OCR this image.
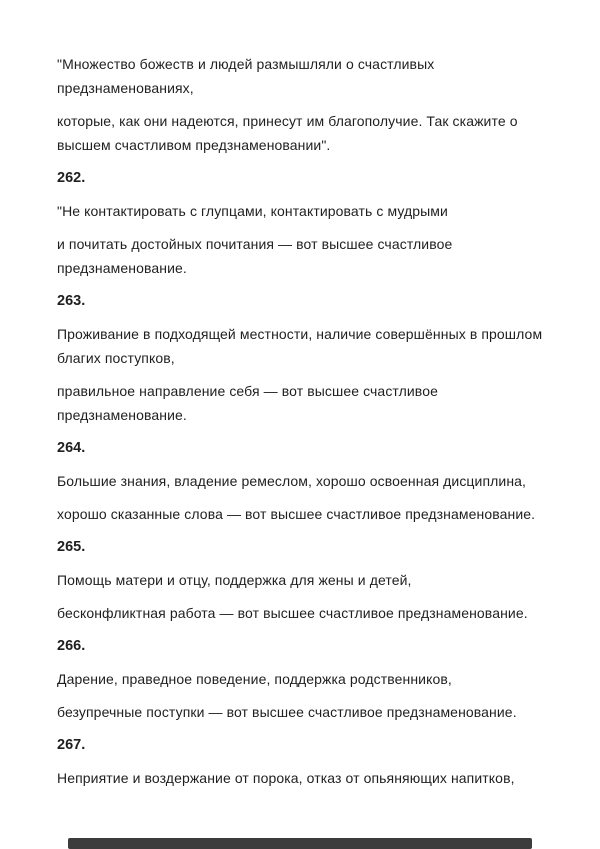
"Множество божеств и людей размышляли о счастливых предзнаменованиях,

которые, как они надеются, принесут им благополучие. Так скажите о высшем счастливом предзнаменовании".

262.

"Не контактировать с глупцами, контактировать с мудрыми

и почитать достойных почитания — вот высшее счастливое предзнаменование.

263.

Проживание в подходящей местности, наличие совершённых в прошлом благих поступков,

правильное направление себя — вот высшее счастливое предзнаменование.

264.

Большие знания, владение ремеслом, хорошо освоенная дисциплина,

хорошо сказанные слова — вот высшее счастливое предзнаменование.

265.

Помощь матери и отцу, поддержка для жены и детей,

бесконфликтная работа — вот высшее счастливое предзнаменование.

266.

Дарение, праведное поведение, поддержка родственников,

безупречные поступки — вот высшее счастливое предзнаменование.

267.

Неприятие и воздержание от порока, отказ от опьяняющих напитков,
